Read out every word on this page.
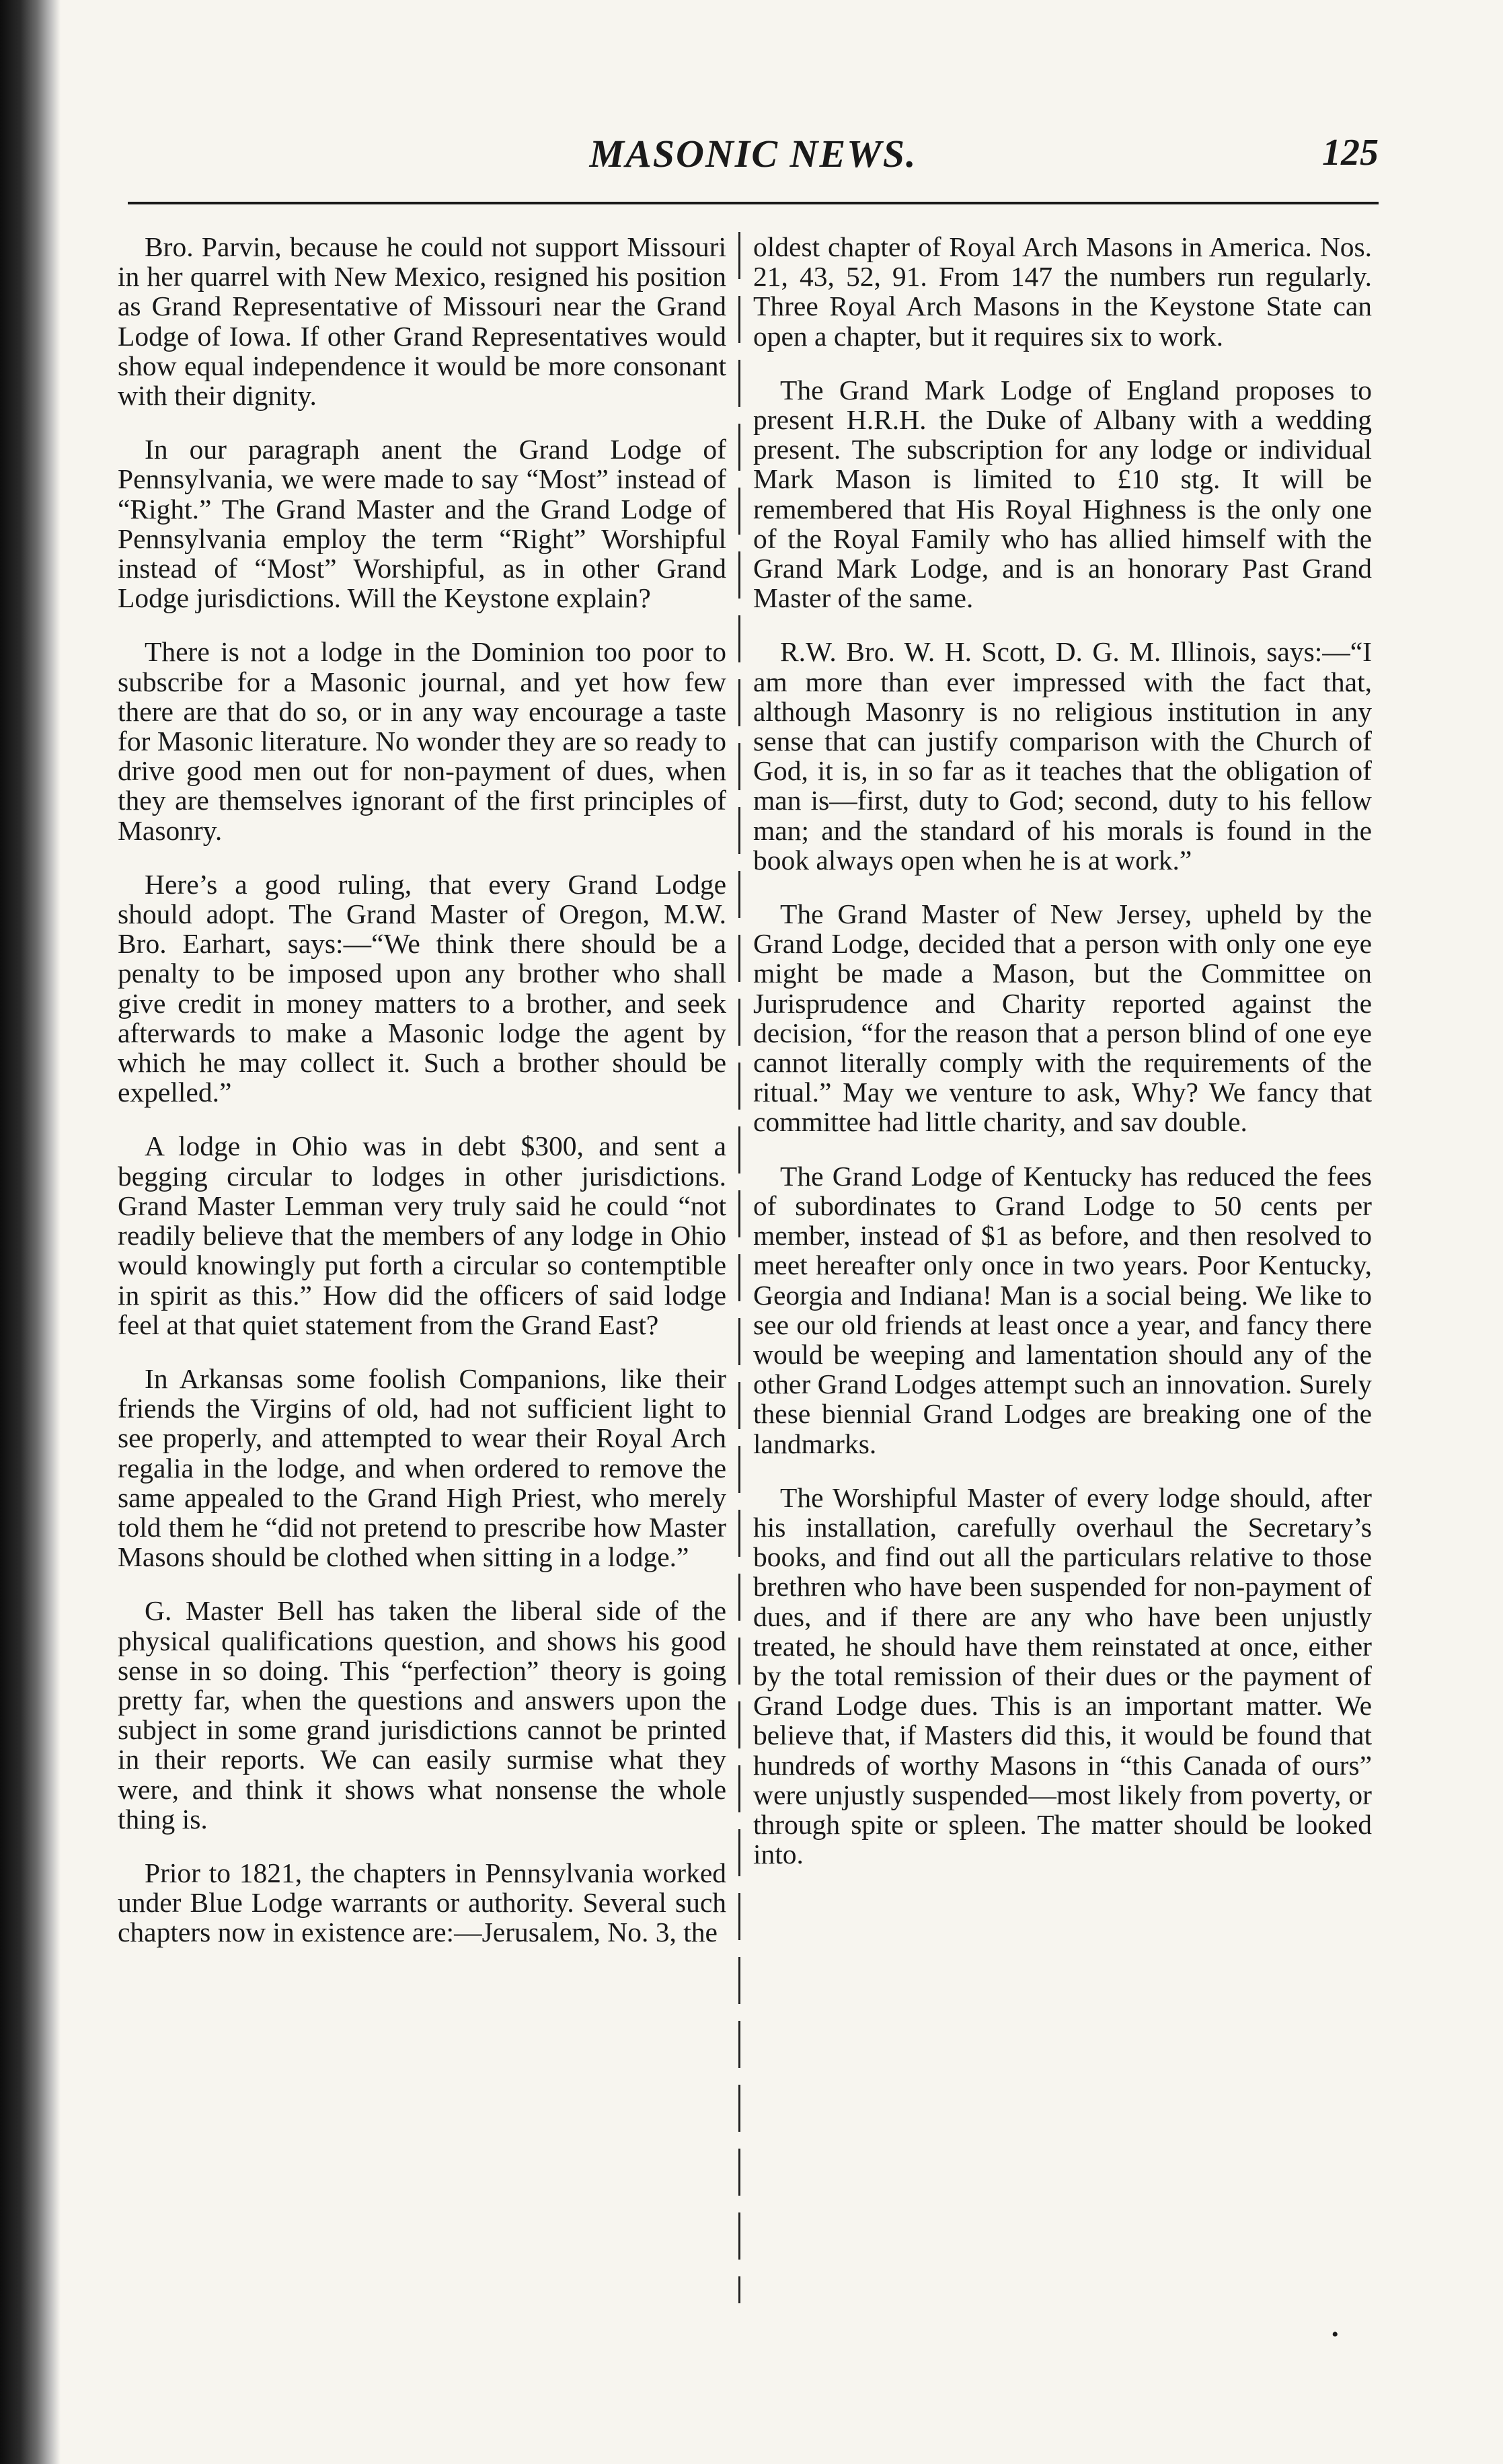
MASONIC NEWS.	125

Bro. Parvin, because he could not support Missouri in her quarrel with New Mexico, resigned his position as Grand Representative of Missouri near the Grand Lodge of Iowa. If other Grand Representatives would show equal independence it would be more consonant with their dignity.

In our paragraph anent the Grand Lodge of Pennsylvania, we were made to say “Most” instead of “Right.” The Grand Master and the Grand Lodge of Pennsylvania employ the term “Right” Worshipful instead of “Most” Worshipful, as in other Grand Lodge jurisdictions. Will the Keystone explain?

There is not a lodge in the Dominion too poor to subscribe for a Masonic journal, and yet how few there are that do so, or in any way encourage a taste for Masonic literature. No wonder they are so ready to drive good men out for non-payment of dues, when they are themselves ignorant of the first principles of Masonry.

Here’s a good ruling, that every Grand Lodge should adopt. The Grand Master of Oregon, M.W. Bro. Earhart, says:—“We think there should be a penalty to be imposed upon any brother who shall give credit in money matters to a brother, and seek afterwards to make a Masonic lodge the agent by which he may collect it. Such a brother should be expelled.”

A lodge in Ohio was in debt $300, and sent a begging circular to lodges in other jurisdictions. Grand Master Lemman very truly said he could “not readily believe that the members of any lodge in Ohio would knowingly put forth a circular so contemptible in spirit as this.” How did the officers of said lodge feel at that quiet statement from the Grand East?

In Arkansas some foolish Companions, like their friends the Virgins of old, had not sufficient light to see properly, and attempted to wear their Royal Arch regalia in the lodge, and when ordered to remove the same appealed to the Grand High Priest, who merely told them he “did not pretend to prescribe how Master Masons should be clothed when sitting in a lodge.”

G. Master Bell has taken the liberal side of the physical qualifications question, and shows his good sense in so doing. This “perfection” theory is going pretty far, when the questions and answers upon the subject in some grand jurisdictions cannot be printed in their reports. We can easily surmise what they were, and think it shows what nonsense the whole thing is.

Prior to 1821, the chapters in Pennsylvania worked under Blue Lodge warrants or authority. Several such chapters now in existence are:—Jerusalem, No. 3, the

oldest chapter of Royal Arch Masons in America. Nos. 21, 43, 52, 91. From 147 the numbers run regularly. Three Royal Arch Masons in the Keystone State can open a chapter, but it requires six to work.

The Grand Mark Lodge of England proposes to present H.R.H. the Duke of Albany with a wedding present. The subscription for any lodge or individual Mark Mason is limited to £10 stg. It will be remembered that His Royal Highness is the only one of the Royal Family who has allied himself with the Grand Mark Lodge, and is an honorary Past Grand Master of the same.

R.W. Bro. W. H. Scott, D. G. M. Illinois, says:—“I am more than ever impressed with the fact that, although Masonry is no religious institution in any sense that can justify comparison with the Church of God, it is, in so far as it teaches that the obligation of man is—first, duty to God; second, duty to his fellow man; and the standard of his morals is found in the book always open when he is at work.”

The Grand Master of New Jersey, upheld by the Grand Lodge, decided that a person with only one eye might be made a Mason, but the Committee on Jurisprudence and Charity reported against the decision, “for the reason that a person blind of one eye cannot literally comply with the requirements of the ritual.” May we venture to ask, Why? We fancy that committee had little charity, and sav double.

The Grand Lodge of Kentucky has reduced the fees of subordinates to Grand Lodge to 50 cents per member, instead of $1 as before, and then resolved to meet hereafter only once in two years. Poor Kentucky, Georgia and Indiana! Man is a social being. We like to see our old friends at least once a year, and fancy there would be weeping and lamentation should any of the other Grand Lodges attempt such an innovation. Surely these biennial Grand Lodges are breaking one of the landmarks.

The Worshipful Master of every lodge should, after his installation, carefully overhaul the Secretary’s books, and find out all the particulars relative to those brethren who have been suspended for non-payment of dues, and if there are any who have been unjustly treated, he should have them reinstated at once, either by the total remission of their dues or the payment of Grand Lodge dues. This is an important matter. We believe that, if Masters did this, it would be found that hundreds of worthy Masons in “this Canada of ours” were unjustly suspended—most likely from poverty, or through spite or spleen. The matter should be looked into.

•
